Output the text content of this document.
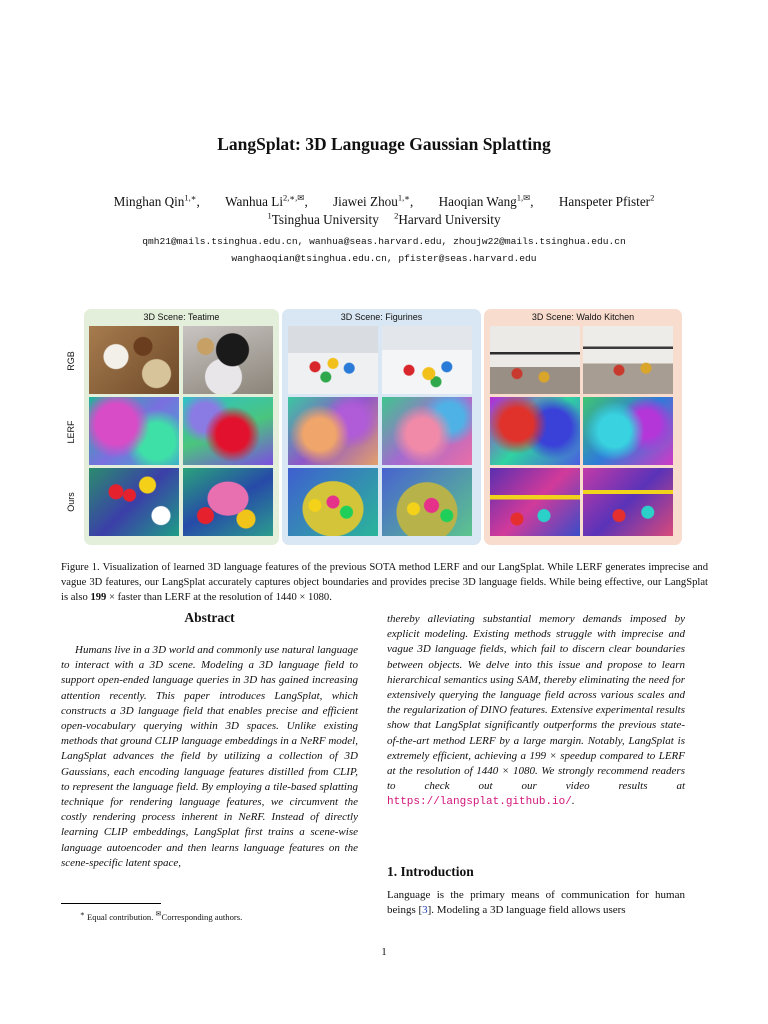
LangSplat: 3D Language Gaussian Splatting
Minghan Qin$^{1,∗}$, Wanhua $Li^{2,∗,✉}$, Jiawei Zhou$^{1,∗}$, Haoqian Wang$^{1,✉}$, Hanspeter Pfister$^2$
$^1$Tsinghua University $^2$Harvard University
qmh21@mails.tsinghua.edu.cn, wanhua@seas.harvard.edu, zhoujw22@mails.tsinghua.edu.cn
wanghaoqian@tsinghua.edu.cn, pfister@seas.harvard.edu
RGB
LERF
Ours
3D Scene: Teatime	3D Scene: Figurines	3D Scene: Waldo Kitchen
Figure 1. Visualization of learned 3D language features of the previous SOTA method LERF and our LangSplat. While LERF generates imprecise and vague 3D features, our LangSplat accurately captures object boundaries and provides precise 3D language fields. While being effective, our LangSplat is also 199 × faster than LERF at the resolution of 1440 × 1080.
Abstract

Humans live in a 3D world and commonly use natural language to interact with a 3D scene. Modeling a 3D language field to support open-ended language queries in 3D has gained increasing attention recently. This paper introduces LangSplat, which constructs a 3D language field that enables precise and efficient open-vocabulary querying within 3D spaces. Unlike existing methods that ground CLIP language embeddings in a NeRF model, LangSplat advances the field by utilizing a collection of 3D Gaussians, each encoding language features distilled from CLIP, to represent the language field. By employing a tile-based splatting technique for rendering language features, we circumvent the costly rendering process inherent in NeRF. Instead of directly learning CLIP embeddings, LangSplat first trains a scene-wise language autoencoder and then learns language features on the scene-specific latent space,

thereby alleviating substantial memory demands imposed by explicit modeling. Existing methods struggle with imprecise and vague 3D language fields, which fail to discern clear boundaries between objects. We delve into this issue and propose to learn hierarchical semantics using SAM, thereby eliminating the need for extensively querying the language field across various scales and the regularization of DINO features. Extensive experimental results show that LangSplat significantly outperforms the previous state-of-the-art method LERF by a large margin. Notably, LangSplat is extremely efficient, achieving a 199 × speedup compared to LERF at the resolution of 1440 × 1080. We strongly recommend readers to check out our video results at https://langsplat.github.io/.
1. Introduction
Language is the primary means of communication for human beings [3]. Modeling a 3D language field allows users
∗ Equal contribution. ✉Corresponding authors.
1
